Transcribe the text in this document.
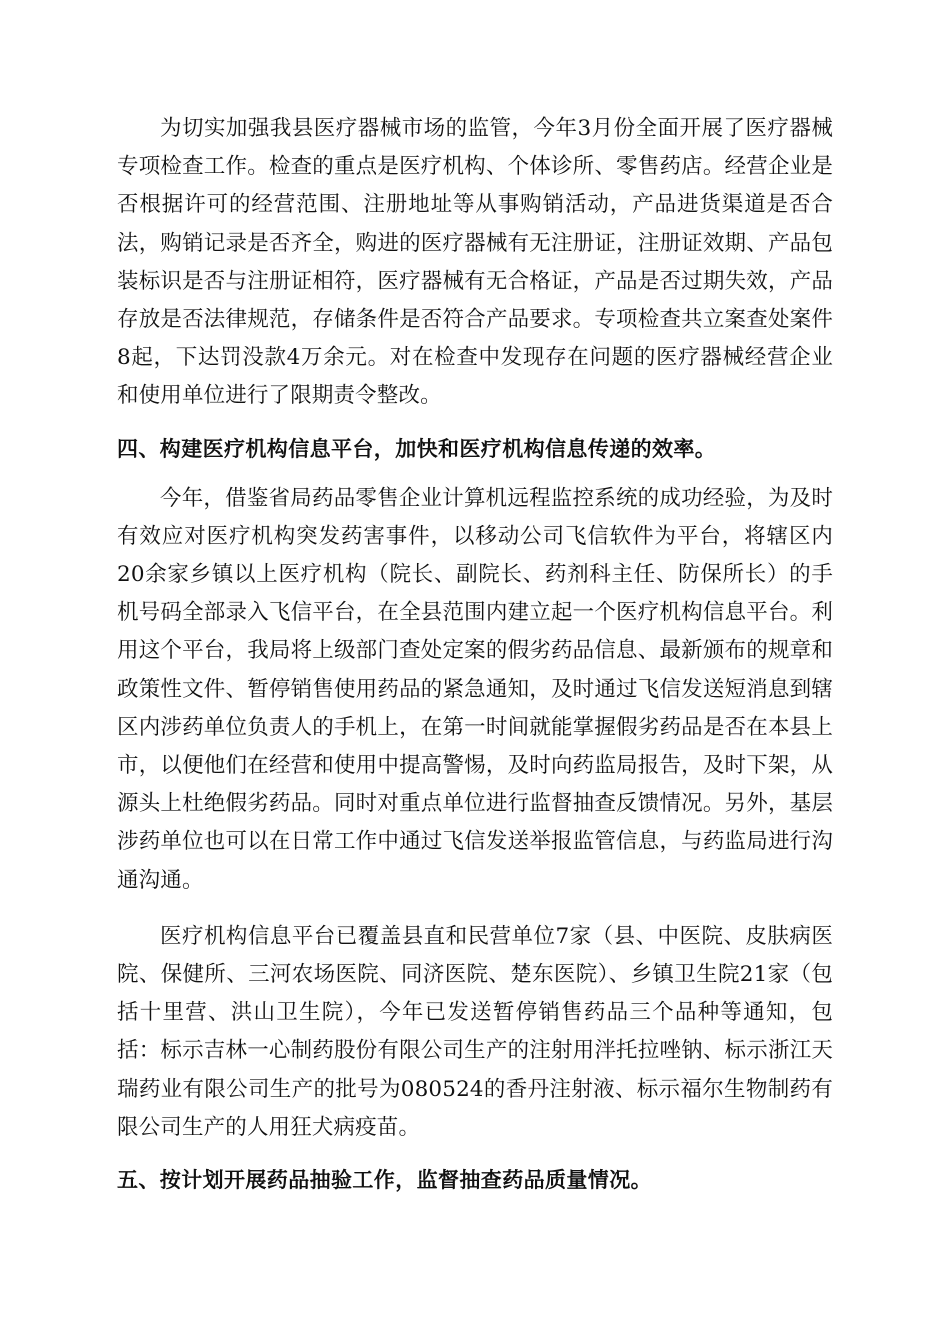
为切实加强我县医疗器械市场的监管，今年3月份全面开展了医疗器械专项检查工作。检查的重点是医疗机构、个体诊所、零售药店。经营企业是否根据许可的经营范围、注册地址等从事购销活动，产品进货渠道是否合法，购销记录是否齐全，购进的医疗器械有无注册证，注册证效期、产品包装标识是否与注册证相符，医疗器械有无合格证，产品是否过期失效，产品存放是否法律规范，存储条件是否符合产品要求。专项检查共立案查处案件8起，下达罚没款4万余元。对在检查中发现存在问题的医疗器械经营企业和使用单位进行了限期责令整改。

四、构建医疗机构信息平台，加快和医疗机构信息传递的效率。

今年，借鉴省局药品零售企业计算机远程监控系统的成功经验，为及时有效应对医疗机构突发药害事件，以移动公司飞信软件为平台，将辖区内20余家乡镇以上医疗机构（院长、副院长、药剂科主任、防保所长）的手机号码全部录入飞信平台，在全县范围内建立起一个医疗机构信息平台。利用这个平台，我局将上级部门查处定案的假劣药品信息、最新颁布的规章和政策性文件、暂停销售使用药品的紧急通知，及时通过飞信发送短消息到辖区内涉药单位负责人的手机上，在第一时间就能掌握假劣药品是否在本县上市，以便他们在经营和使用中提高警惕，及时向药监局报告，及时下架，从源头上杜绝假劣药品。同时对重点单位进行监督抽查反馈情况。另外，基层涉药单位也可以在日常工作中通过飞信发送举报监管信息，与药监局进行沟通沟通。

医疗机构信息平台已覆盖县直和民营单位7家（县、中医院、皮肤病医院、保健所、三河农场医院、同济医院、楚东医院）、乡镇卫生院21家（包括十里营、洪山卫生院），今年已发送暂停销售药品三个品种等通知，包括：标示吉林一心制药股份有限公司生产的注射用泮托拉唑钠、标示浙江天瑞药业有限公司生产的批号为080524的香丹注射液、标示福尔生物制药有限公司生产的人用狂犬病疫苗。

五、按计划开展药品抽验工作，监督抽查药品质量情况。
